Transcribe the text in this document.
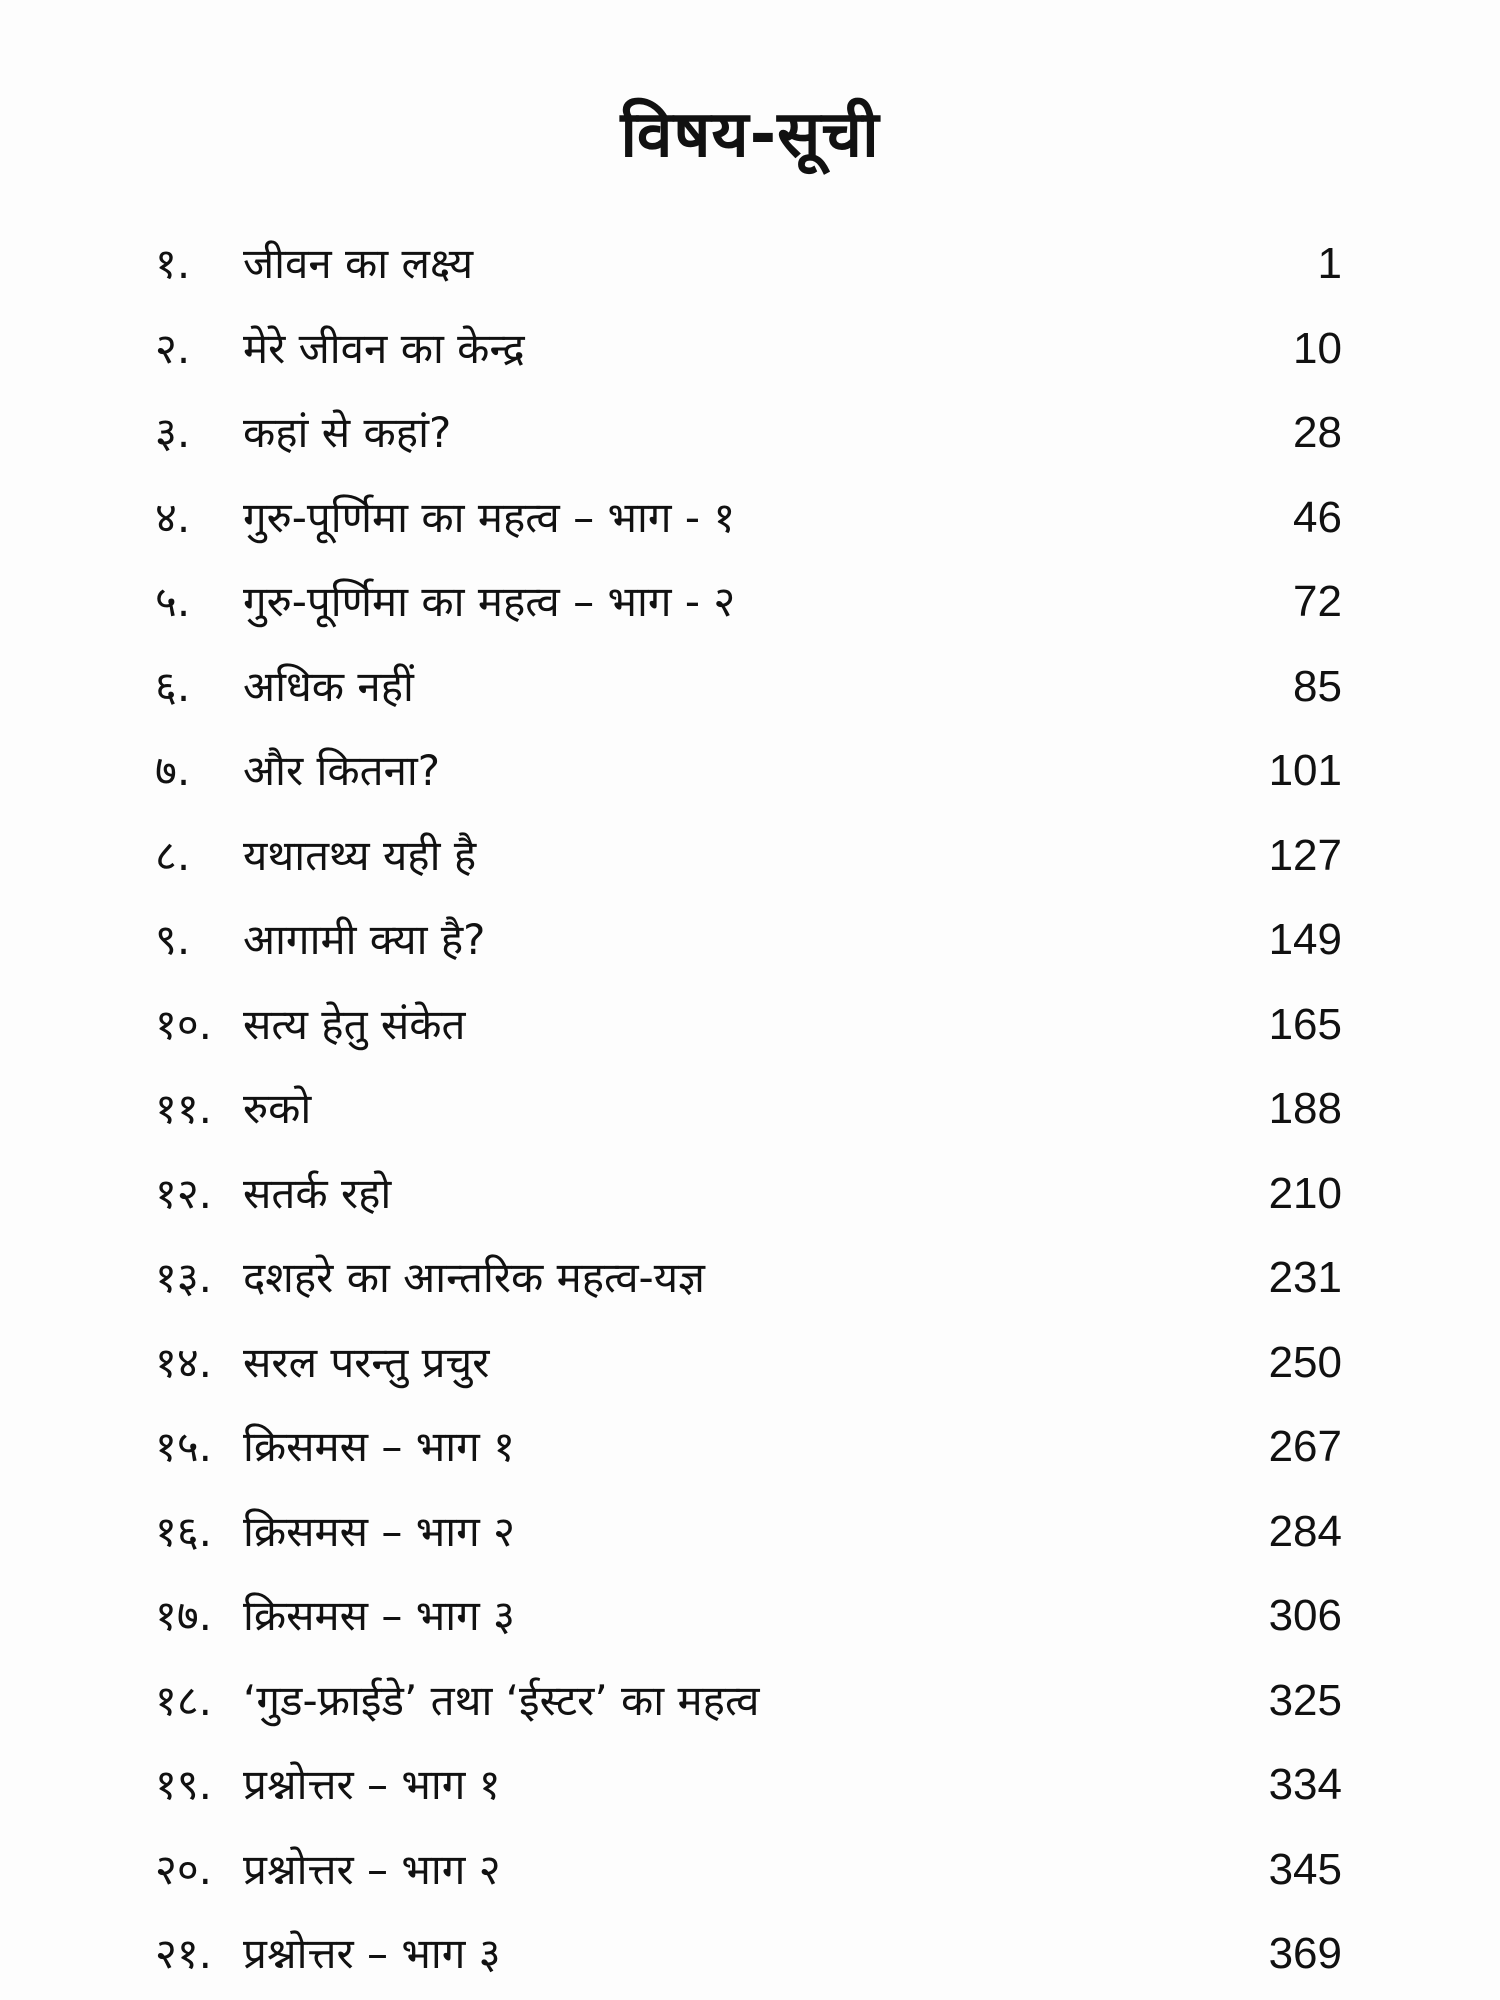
विषय-सूची
१. जीवन का लक्ष्य	1
२. मेरे जीवन का केन्द्र	10
३. कहां से कहां?	28
४. गुरु-पूर्णिमा का महत्व – भाग - १	46
५. गुरु-पूर्णिमा का महत्व – भाग - २	72
६. अधिक नहीं	85
७. और कितना?	101
८. यथातथ्य यही है	127
९. आगामी क्या है?	149
१०. सत्य हेतु संकेत	165
११. रुको	188
१२. सतर्क रहो	210
१३. दशहरे का आन्तरिक महत्व-यज्ञ	231
१४. सरल परन्तु प्रचुर	250
१५. क्रिसमस – भाग १	267
१६. क्रिसमस – भाग २	284
१७. क्रिसमस – भाग ३	306
१८. ‘गुड-फ्राईडे’ तथा ‘ईस्टर’ का महत्व	325
१९. प्रश्नोत्तर – भाग १	334
२०. प्रश्नोत्तर – भाग २	345
२१. प्रश्नोत्तर – भाग ३	369
